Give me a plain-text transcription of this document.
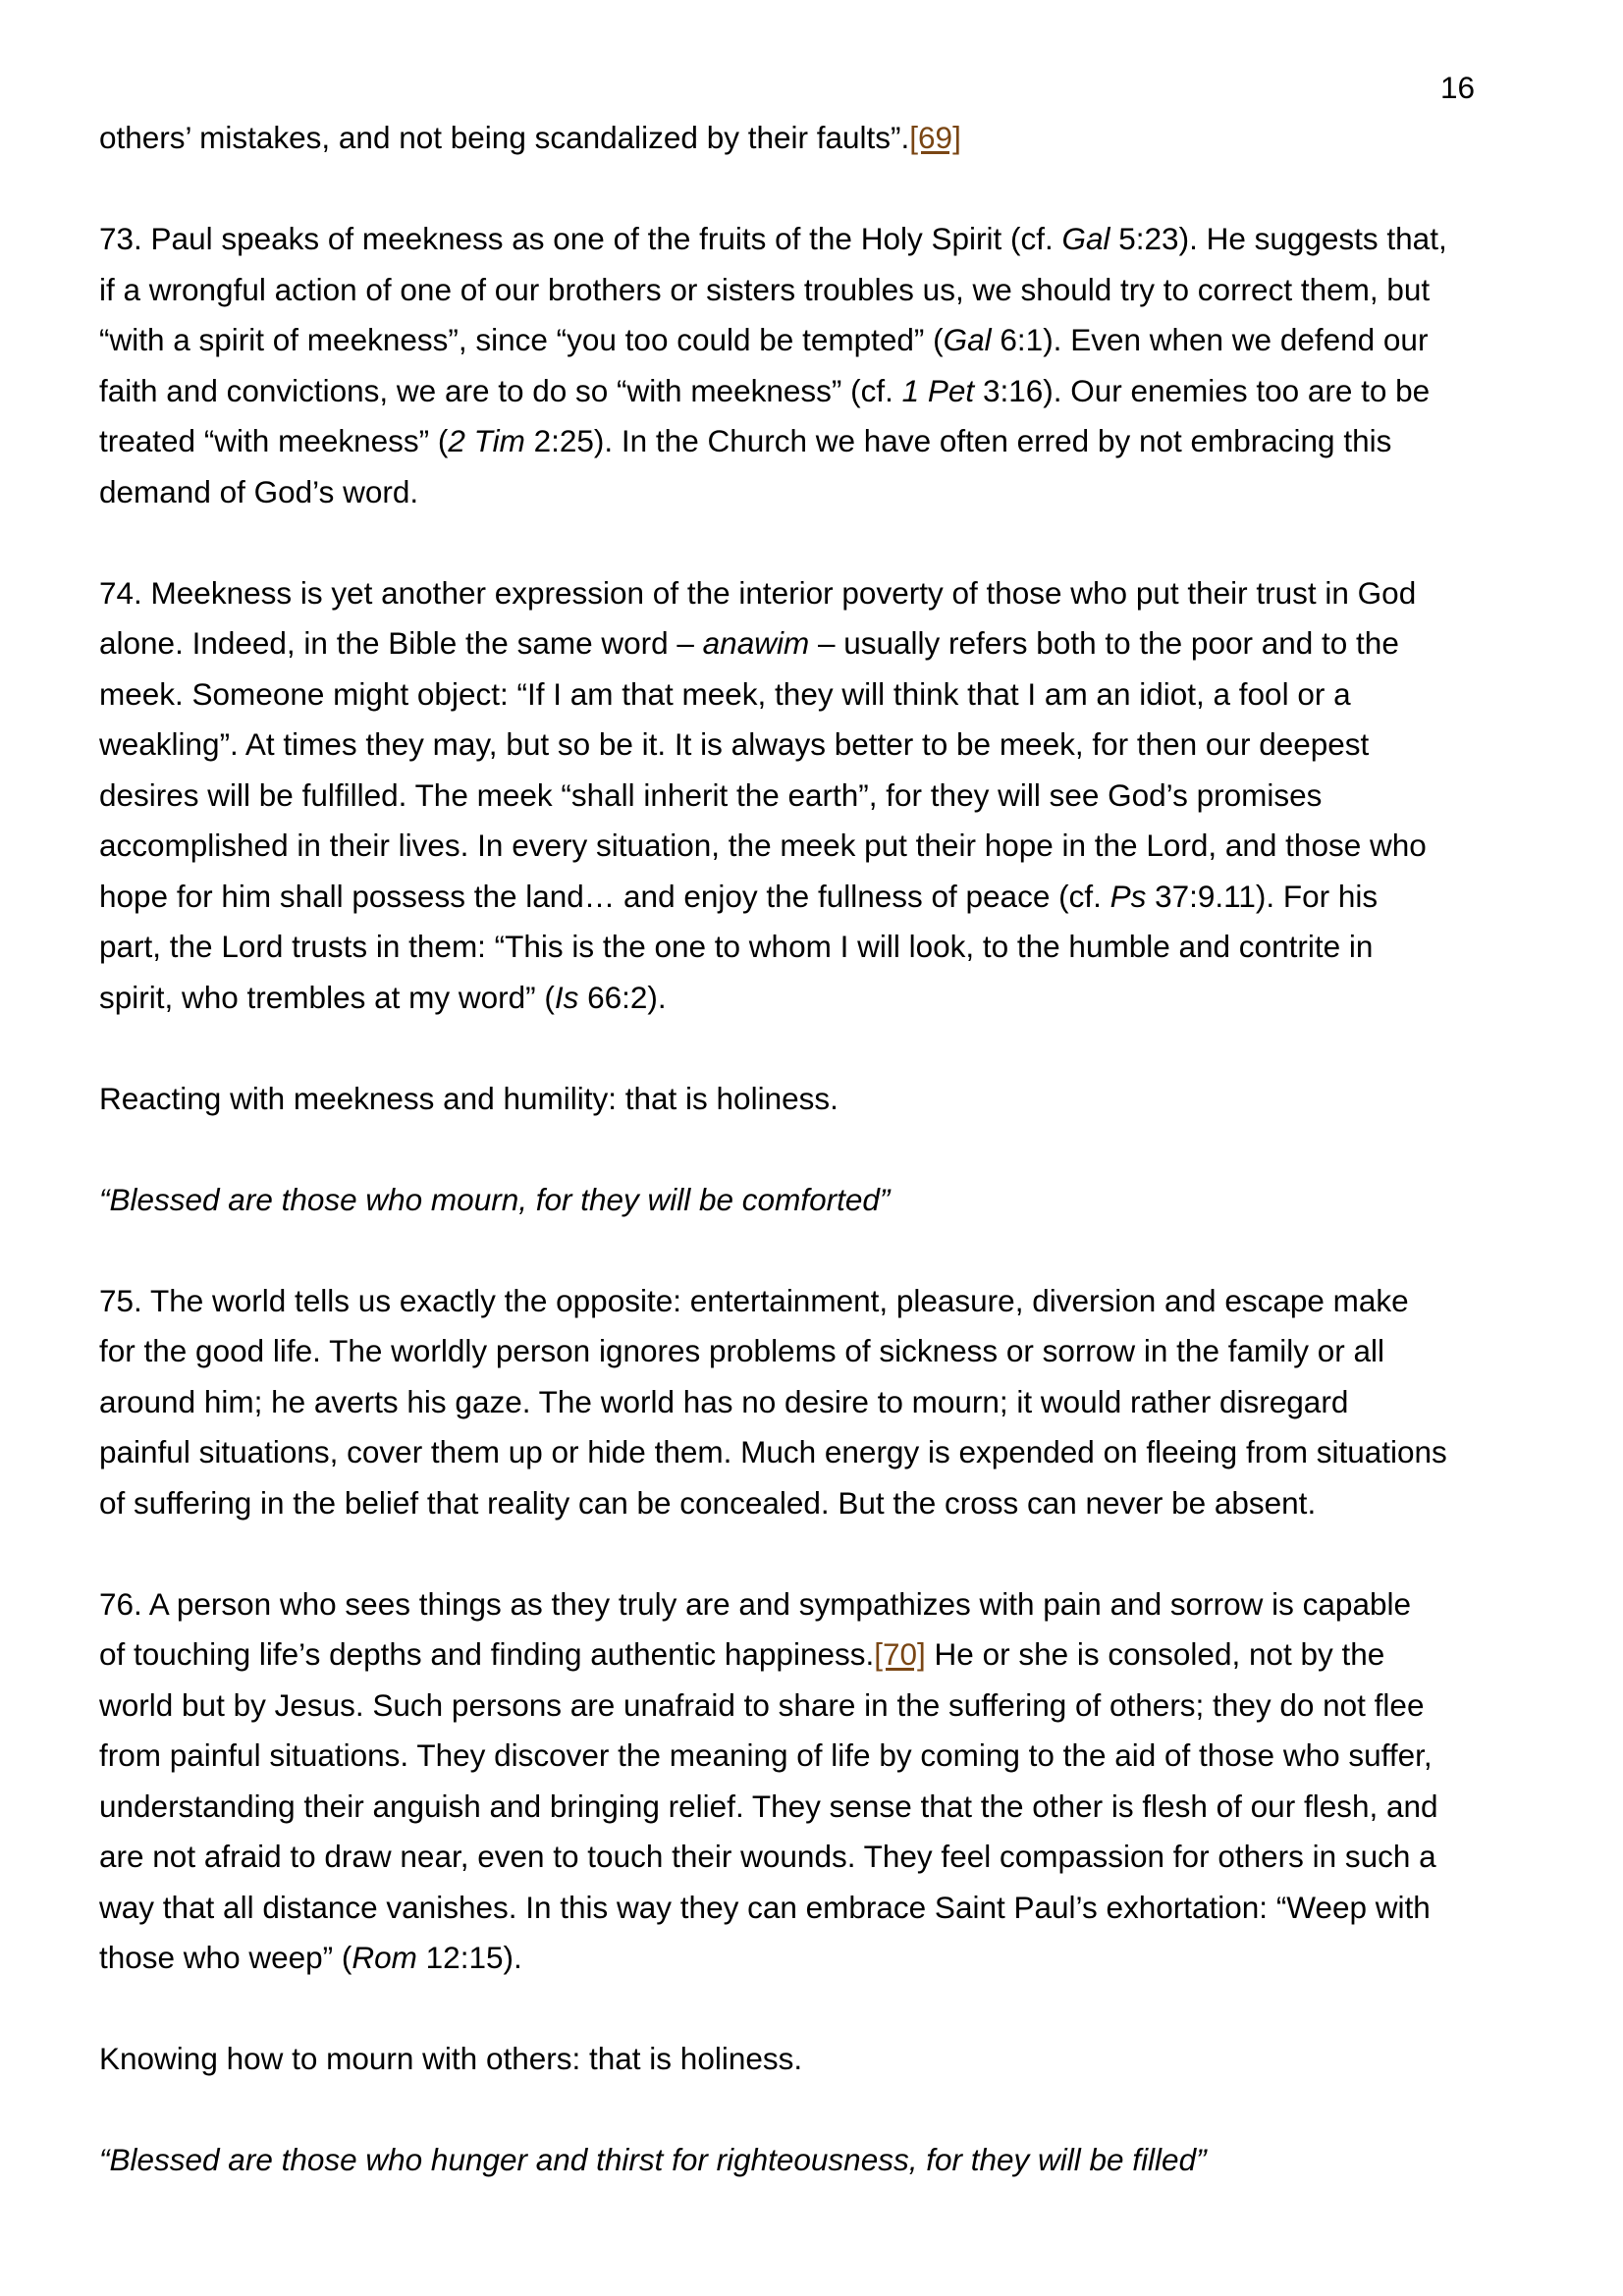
16
others’ mistakes, and not being scandalized by their faults”.[69]
73. Paul speaks of meekness as one of the fruits of the Holy Spirit (cf. Gal 5:23). He suggests that,
if a wrongful action of one of our brothers or sisters troubles us, we should try to correct them, but
“with a spirit of meekness”, since “you too could be tempted” (Gal 6:1). Even when we defend our
faith and convictions, we are to do so “with meekness” (cf. 1 Pet 3:16). Our enemies too are to be
treated “with meekness” (2 Tim 2:25). In the Church we have often erred by not embracing this
demand of God’s word.
74. Meekness is yet another expression of the interior poverty of those who put their trust in God
alone. Indeed, in the Bible the same word – anawim – usually refers both to the poor and to the
meek. Someone might object: “If I am that meek, they will think that I am an idiot, a fool or a
weakling”. At times they may, but so be it. It is always better to be meek, for then our deepest
desires will be fulfilled. The meek “shall inherit the earth”, for they will see God’s promises
accomplished in their lives. In every situation, the meek put their hope in the Lord, and those who
hope for him shall possess the land… and enjoy the fullness of peace (cf. Ps 37:9.11). For his
part, the Lord trusts in them: “This is the one to whom I will look, to the humble and contrite in
spirit, who trembles at my word” (Is 66:2).
Reacting with meekness and humility: that is holiness.
“Blessed are those who mourn, for they will be comforted”
75. The world tells us exactly the opposite: entertainment, pleasure, diversion and escape make
for the good life. The worldly person ignores problems of sickness or sorrow in the family or all
around him; he averts his gaze. The world has no desire to mourn; it would rather disregard
painful situations, cover them up or hide them. Much energy is expended on fleeing from situations
of suffering in the belief that reality can be concealed. But the cross can never be absent.
76. A person who sees things as they truly are and sympathizes with pain and sorrow is capable
of touching life’s depths and finding authentic happiness.[70] He or she is consoled, not by the
world but by Jesus. Such persons are unafraid to share in the suffering of others; they do not flee
from painful situations. They discover the meaning of life by coming to the aid of those who suffer,
understanding their anguish and bringing relief. They sense that the other is flesh of our flesh, and
are not afraid to draw near, even to touch their wounds. They feel compassion for others in such a
way that all distance vanishes. In this way they can embrace Saint Paul’s exhortation: “Weep with
those who weep” (Rom 12:15).
Knowing how to mourn with others: that is holiness.
“Blessed are those who hunger and thirst for righteousness, for they will be filled”
